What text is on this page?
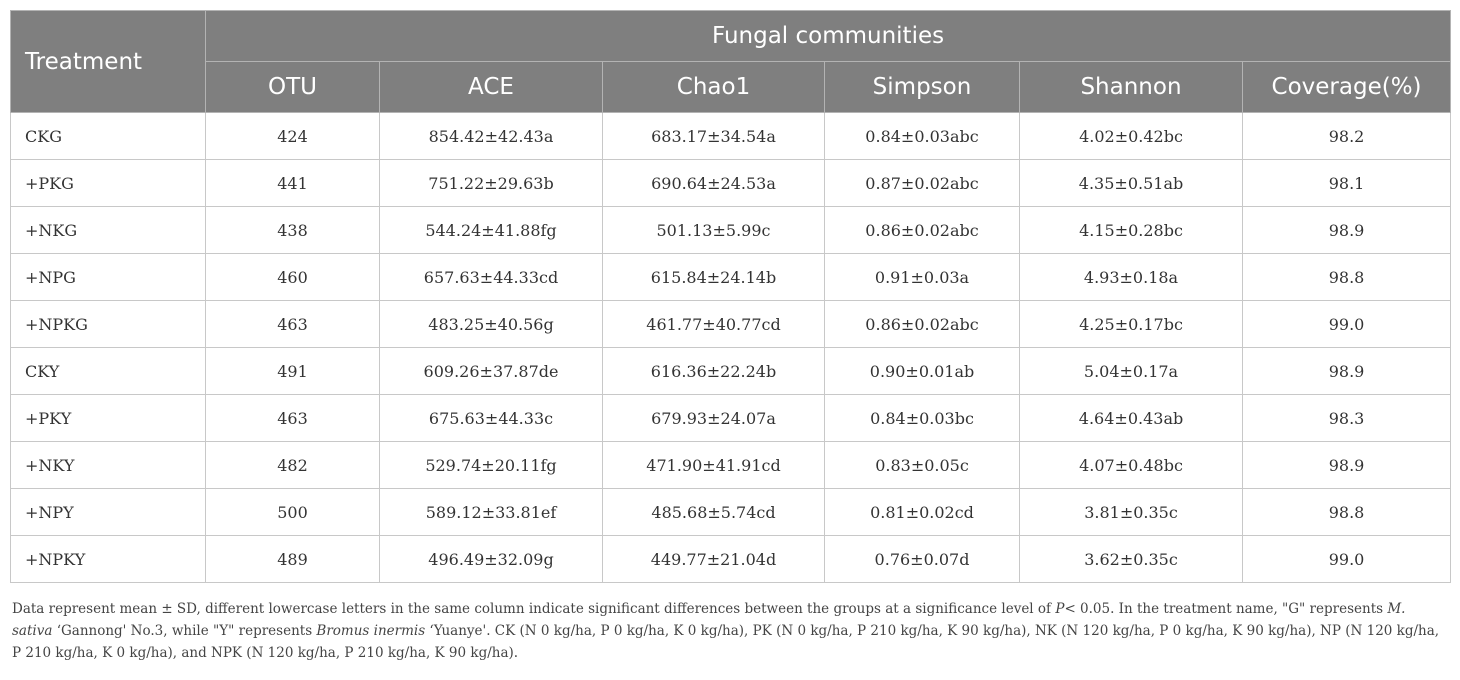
Treatment	Fungal communities					
	OTU	ACE	Chao1	Simpson	Shannon	Coverage(%)
CKG	424	854.42±42.43a	683.17±34.54a	0.84±0.03abc	4.02±0.42bc	98.2
+PKG	441	751.22±29.63b	690.64±24.53a	0.87±0.02abc	4.35±0.51ab	98.1
+NKG	438	544.24±41.88fg	501.13±5.99c	0.86±0.02abc	4.15±0.28bc	98.9
+NPG	460	657.63±44.33cd	615.84±24.14b	0.91±0.03a	4.93±0.18a	98.8
+NPKG	463	483.25±40.56g	461.77±40.77cd	0.86±0.02abc	4.25±0.17bc	99.0
CKY	491	609.26±37.87de	616.36±22.24b	0.90±0.01ab	5.04±0.17a	98.9
+PKY	463	675.63±44.33c	679.93±24.07a	0.84±0.03bc	4.64±0.43ab	98.3
+NKY	482	529.74±20.11fg	471.90±41.91cd	0.83±0.05c	4.07±0.48bc	98.9
+NPY	500	589.12±33.81ef	485.68±5.74cd	0.81±0.02cd	3.81±0.35c	98.8
+NPKY	489	496.49±32.09g	449.77±21.04d	0.76±0.07d	3.62±0.35c	99.0

Data represent mean ± SD, different lowercase letters in the same column indicate significant differences between the groups at a significance level of P< 0.05. In the treatment name, "G" represents M. sativa ‘Gannong' No.3, while "Y" represents Bromus inermis ‘Yuanye'. CK (N 0 kg/ha, P 0 kg/ha, K 0 kg/ha), PK (N 0 kg/ha, P 210 kg/ha, K 90 kg/ha), NK (N 120 kg/ha, P 0 kg/ha, K 90 kg/ha), NP (N 120 kg/ha, P 210 kg/ha, K 0 kg/ha), and NPK (N 120 kg/ha, P 210 kg/ha, K 90 kg/ha).
